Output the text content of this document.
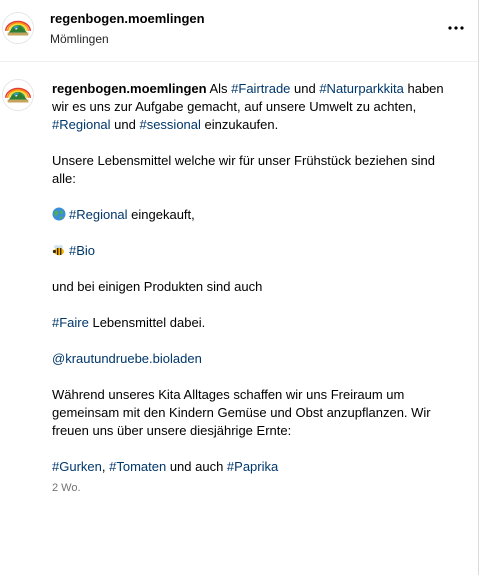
regenbogen.moemlingen
Mömlingen

regenbogen.moemlingen Als #Fairtrade und #Naturparkkita haben wir es uns zur Aufgabe gemacht, auf unsere Umwelt zu achten, #Regional und #sessional einzukaufen.

Unsere Lebensmittel welche wir für unser Frühstück beziehen sind alle:

#Regional eingekauft,

#Bio

und bei einigen Produkten sind auch

#Faire Lebensmittel dabei.

@krautundruebe.bioladen

Während unseres Kita Alltages schaffen wir uns Freiraum um gemeinsam mit den Kindern Gemüse und Obst anzupflanzen. Wir freuen uns über unsere diesjährige Ernte:

#Gurken, #Tomaten und auch #Paprika

2 Wo.
